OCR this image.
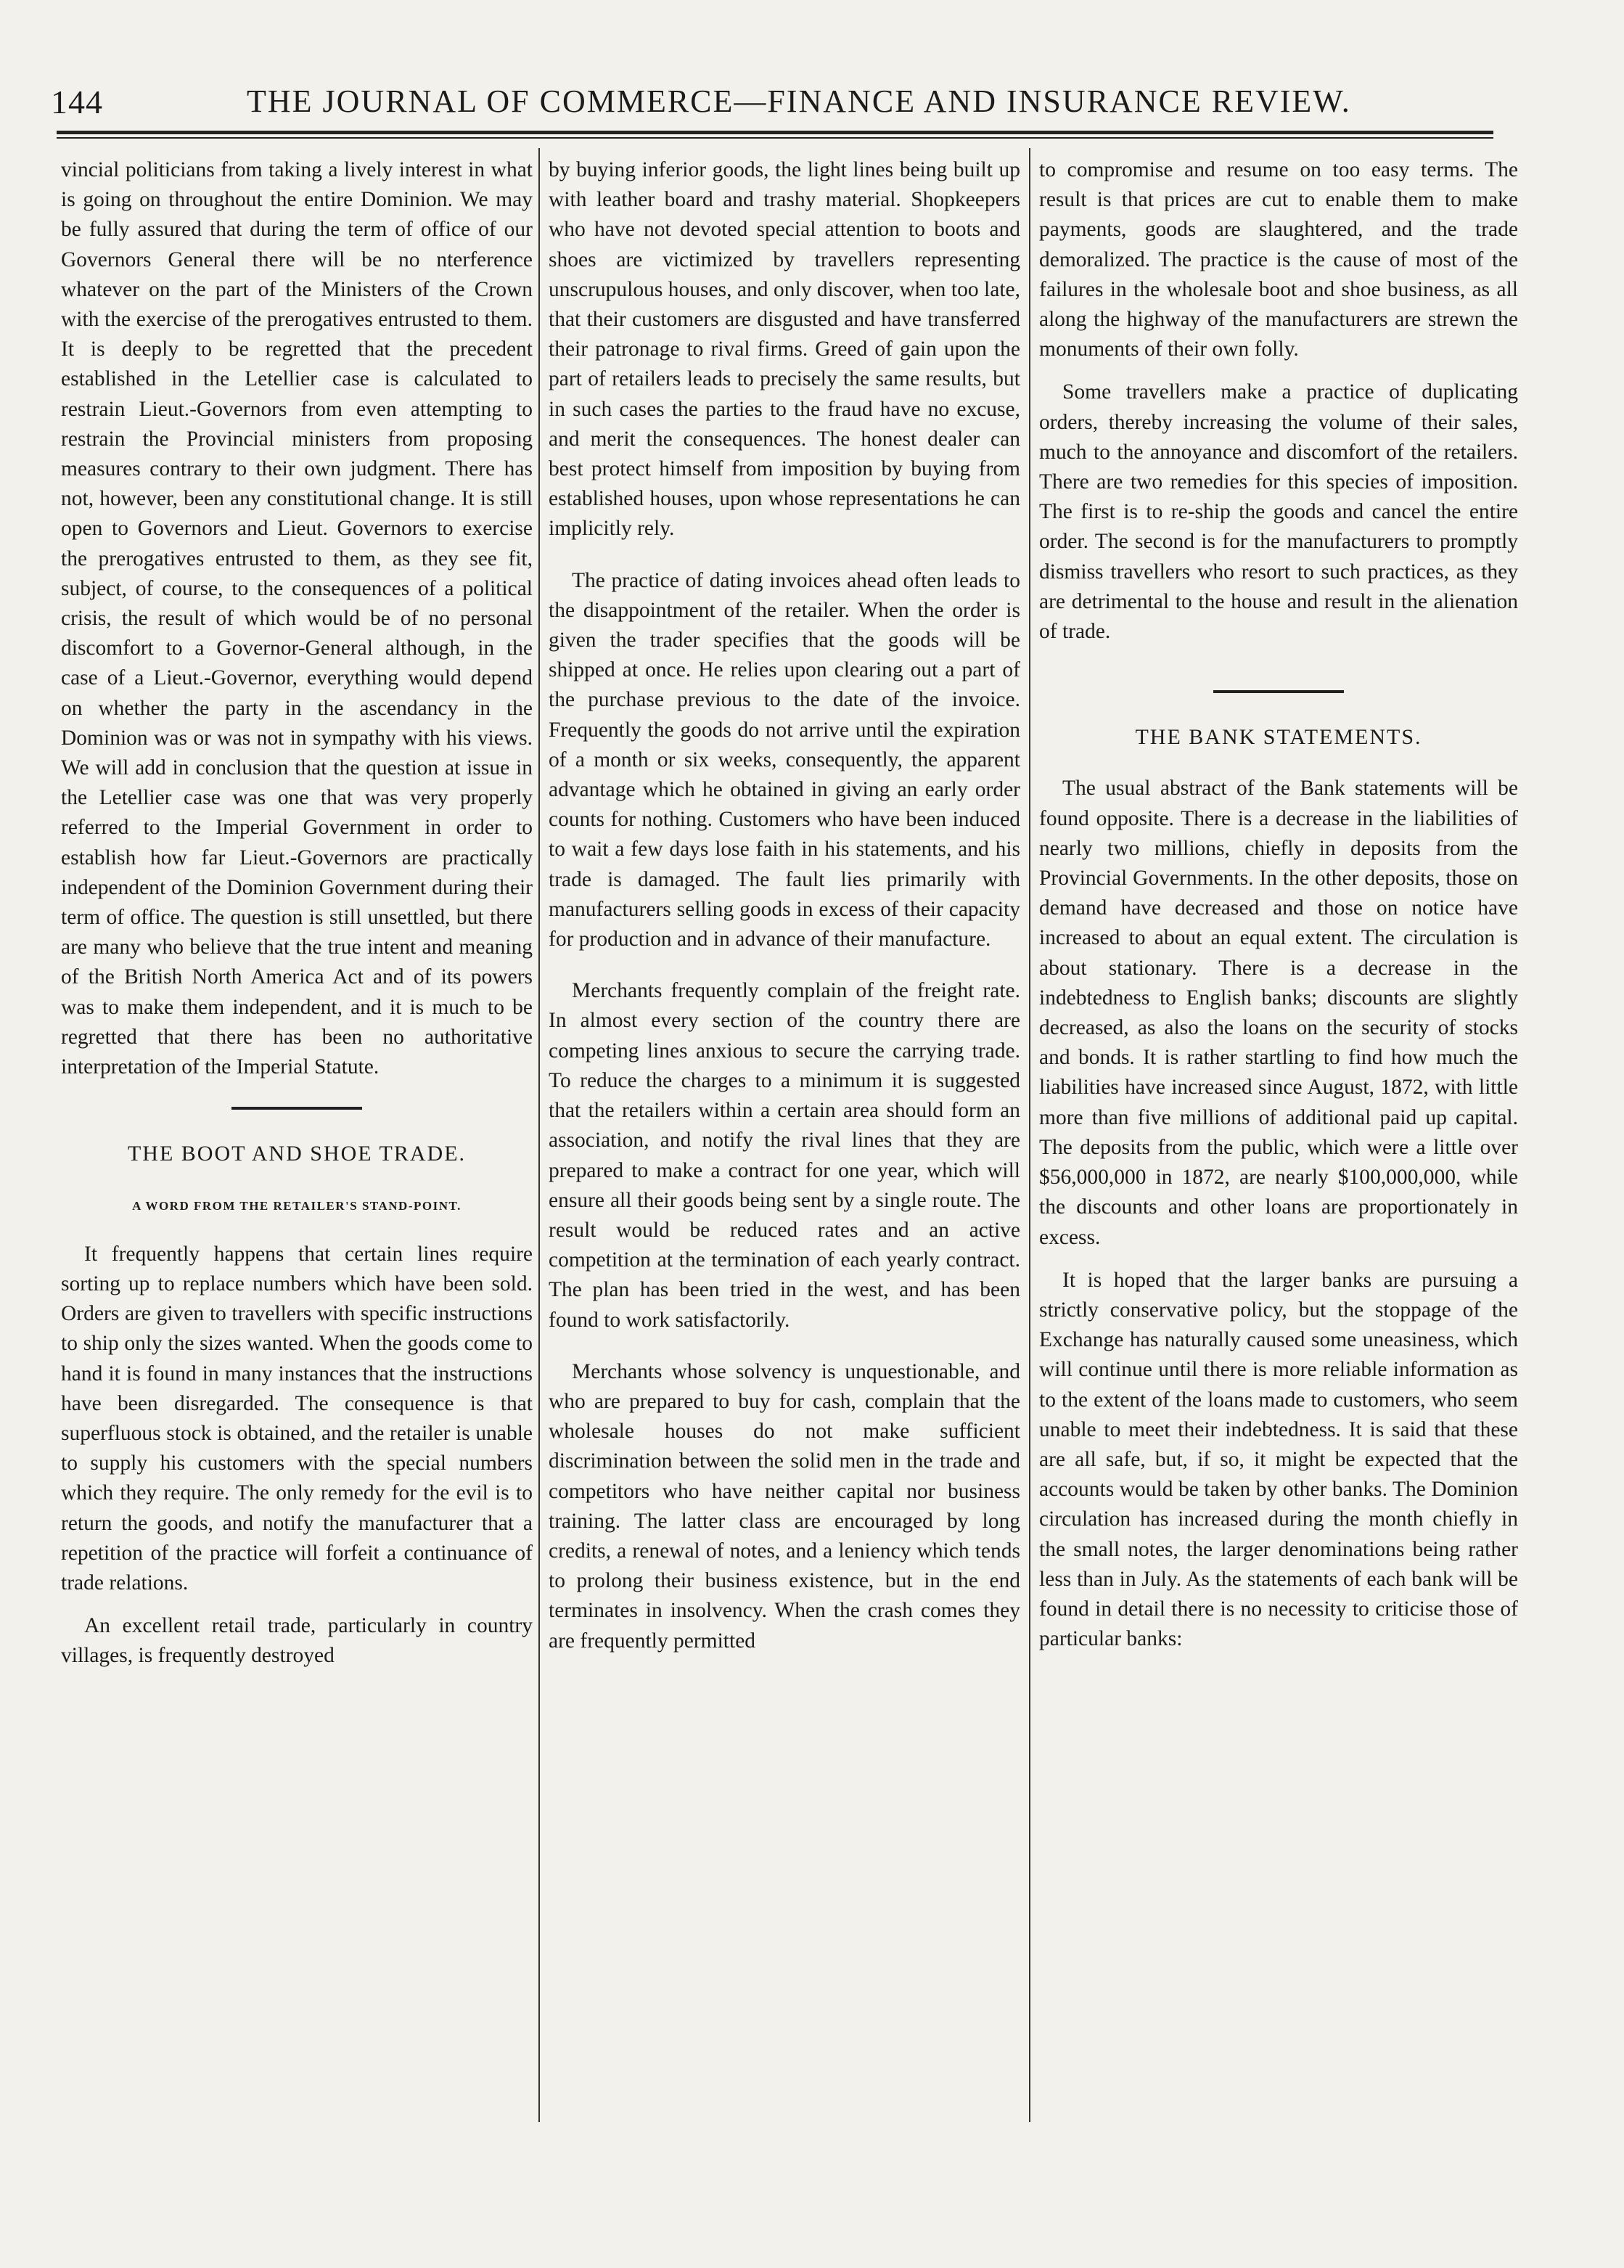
144	THE JOURNAL OF COMMERCE—FINANCE AND INSURANCE REVIEW.

vincial politicians from taking a lively interest in what is going on throughout the entire Dominion. We may be fully assured that during the term of office of our Governors General there will be no nterference whatever on the part of the Ministers of the Crown with the exercise of the prerogatives entrusted to them. It is deeply to be regretted that the precedent established in the Letellier case is calculated to restrain Lieut.-Governors from even attempting to restrain the Provincial ministers from proposing measures contrary to their own judgment. There has not, however, been any constitutional change. It is still open to Governors and Lieut. Governors to exercise the prerogatives entrusted to them, as they see fit, subject, of course, to the consequences of a political crisis, the result of which would be of no personal discomfort to a Governor-General although, in the case of a Lieut.-Governor, everything would depend on whether the party in the ascendancy in the Dominion was or was not in sympathy with his views. We will add in conclusion that the question at issue in the Letellier case was one that was very properly referred to the Imperial Government in order to establish how far Lieut.-Governors are practically independent of the Dominion Government during their term of office. The question is still unsettled, but there are many who believe that the true intent and meaning of the British North America Act and of its powers was to make them independent, and it is much to be regretted that there has been no authoritative interpretation of the Imperial Statute.

THE BOOT AND SHOE TRADE.
A WORD FROM THE RETAILER'S STAND-POINT.

It frequently happens that certain lines require sorting up to replace numbers which have been sold. Orders are given to travellers with specific instructions to ship only the sizes wanted. When the goods come to hand it is found in many instances that the instructions have been disregarded. The consequence is that superfluous stock is obtained, and the retailer is unable to supply his customers with the special numbers which they require. The only remedy for the evil is to return the goods, and notify the manufacturer that a repetition of the practice will forfeit a continuance of trade relations.

An excellent retail trade, particularly in country villages, is frequently destroyed

by buying inferior goods, the light lines being built up with leather board and trashy material. Shopkeepers who have not devoted special attention to boots and shoes are victimized by travellers representing unscrupulous houses, and only discover, when too late, that their customers are disgusted and have transferred their patronage to rival firms. Greed of gain upon the part of retailers leads to precisely the same results, but in such cases the parties to the fraud have no excuse, and merit the consequences. The honest dealer can best protect himself from imposition by buying from established houses, upon whose representations he can implicitly rely.

The practice of dating invoices ahead often leads to the disappointment of the retailer. When the order is given the trader specifies that the goods will be shipped at once. He relies upon clearing out a part of the purchase previous to the date of the invoice. Frequently the goods do not arrive until the expiration of a month or six weeks, consequently, the apparent advantage which he obtained in giving an early order counts for nothing. Customers who have been induced to wait a few days lose faith in his statements, and his trade is damaged. The fault lies primarily with manufacturers selling goods in excess of their capacity for production and in advance of their manufacture.

Merchants frequently complain of the freight rate. In almost every section of the country there are competing lines anxious to secure the carrying trade. To reduce the charges to a minimum it is suggested that the retailers within a certain area should form an association, and notify the rival lines that they are prepared to make a contract for one year, which will ensure all their goods being sent by a single route. The result would be reduced rates and an active competition at the termination of each yearly contract. The plan has been tried in the west, and has been found to work satisfactorily.

Merchants whose solvency is unquestionable, and who are prepared to buy for cash, complain that the wholesale houses do not make sufficient discrimination between the solid men in the trade and competitors who have neither capital nor business training. The latter class are encouraged by long credits, a renewal of notes, and a leniency which tends to prolong their business existence, but in the end terminates in insolvency. When the crash comes they are frequently permitted

to compromise and resume on too easy terms. The result is that prices are cut to enable them to make payments, goods are slaughtered, and the trade demoralized. The practice is the cause of most of the failures in the wholesale boot and shoe business, as all along the highway of the manufacturers are strewn the monuments of their own folly.

Some travellers make a practice of duplicating orders, thereby increasing the volume of their sales, much to the annoyance and discomfort of the retailers. There are two remedies for this species of imposition. The first is to re-ship the goods and cancel the entire order. The second is for the manufacturers to promptly dismiss travellers who resort to such practices, as they are detrimental to the house and result in the alienation of trade.

THE BANK STATEMENTS.

The usual abstract of the Bank statements will be found opposite. There is a decrease in the liabilities of nearly two millions, chiefly in deposits from the Provincial Governments. In the other deposits, those on demand have decreased and those on notice have increased to about an equal extent. The circulation is about stationary. There is a decrease in the indebtedness to English banks; discounts are slightly decreased, as also the loans on the security of stocks and bonds. It is rather startling to find how much the liabilities have increased since August, 1872, with little more than five millions of additional paid up capital. The deposits from the public, which were a little over $56,000,000 in 1872, are nearly $100,000,000, while the discounts and other loans are proportionately in excess.

It is hoped that the larger banks are pursuing a strictly conservative policy, but the stoppage of the Exchange has naturally caused some uneasiness, which will continue until there is more reliable information as to the extent of the loans made to customers, who seem unable to meet their indebtedness. It is said that these are all safe, but, if so, it might be expected that the accounts would be taken by other banks. The Dominion circulation has increased during the month chiefly in the small notes, the larger denominations being rather less than in July. As the statements of each bank will be found in detail there is no necessity to criticise those of particular banks:
